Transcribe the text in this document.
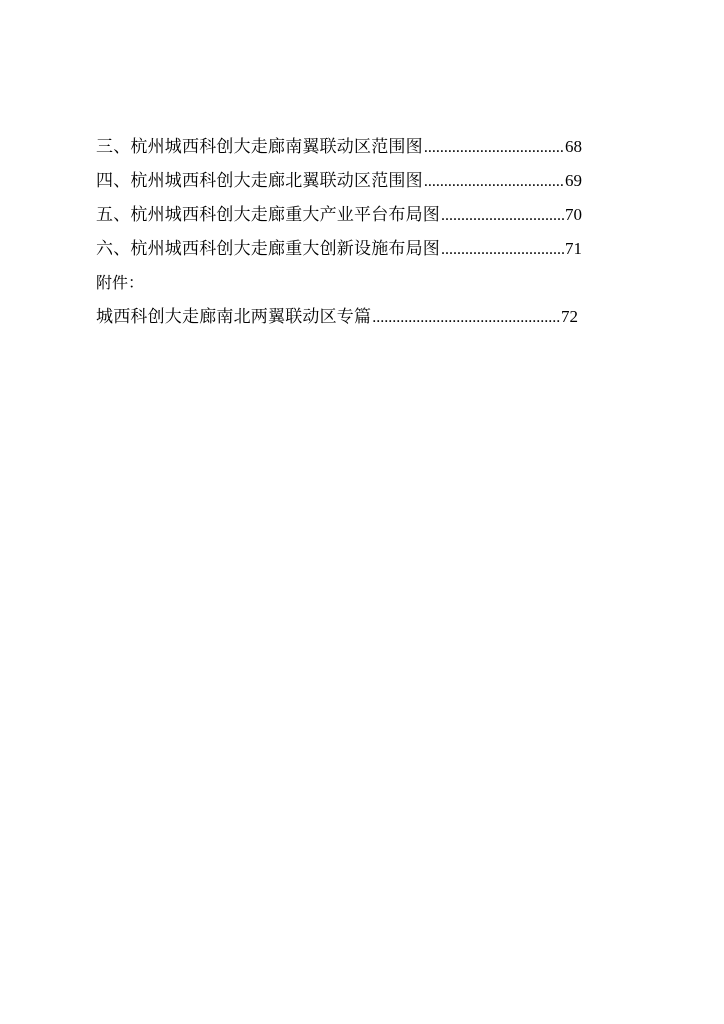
三、杭州城西科创大走廊南翼联动区范围图 .....	68
四、杭州城西科创大走廊北翼联动区范围图 .....	69
五、杭州城西科创大走廊重大产业平台布局图 .....	70
六、杭州城西科创大走廊重大创新设施布局图 .....	71
附件：
城西科创大走廊南北两翼联动区专篇 .....	72
